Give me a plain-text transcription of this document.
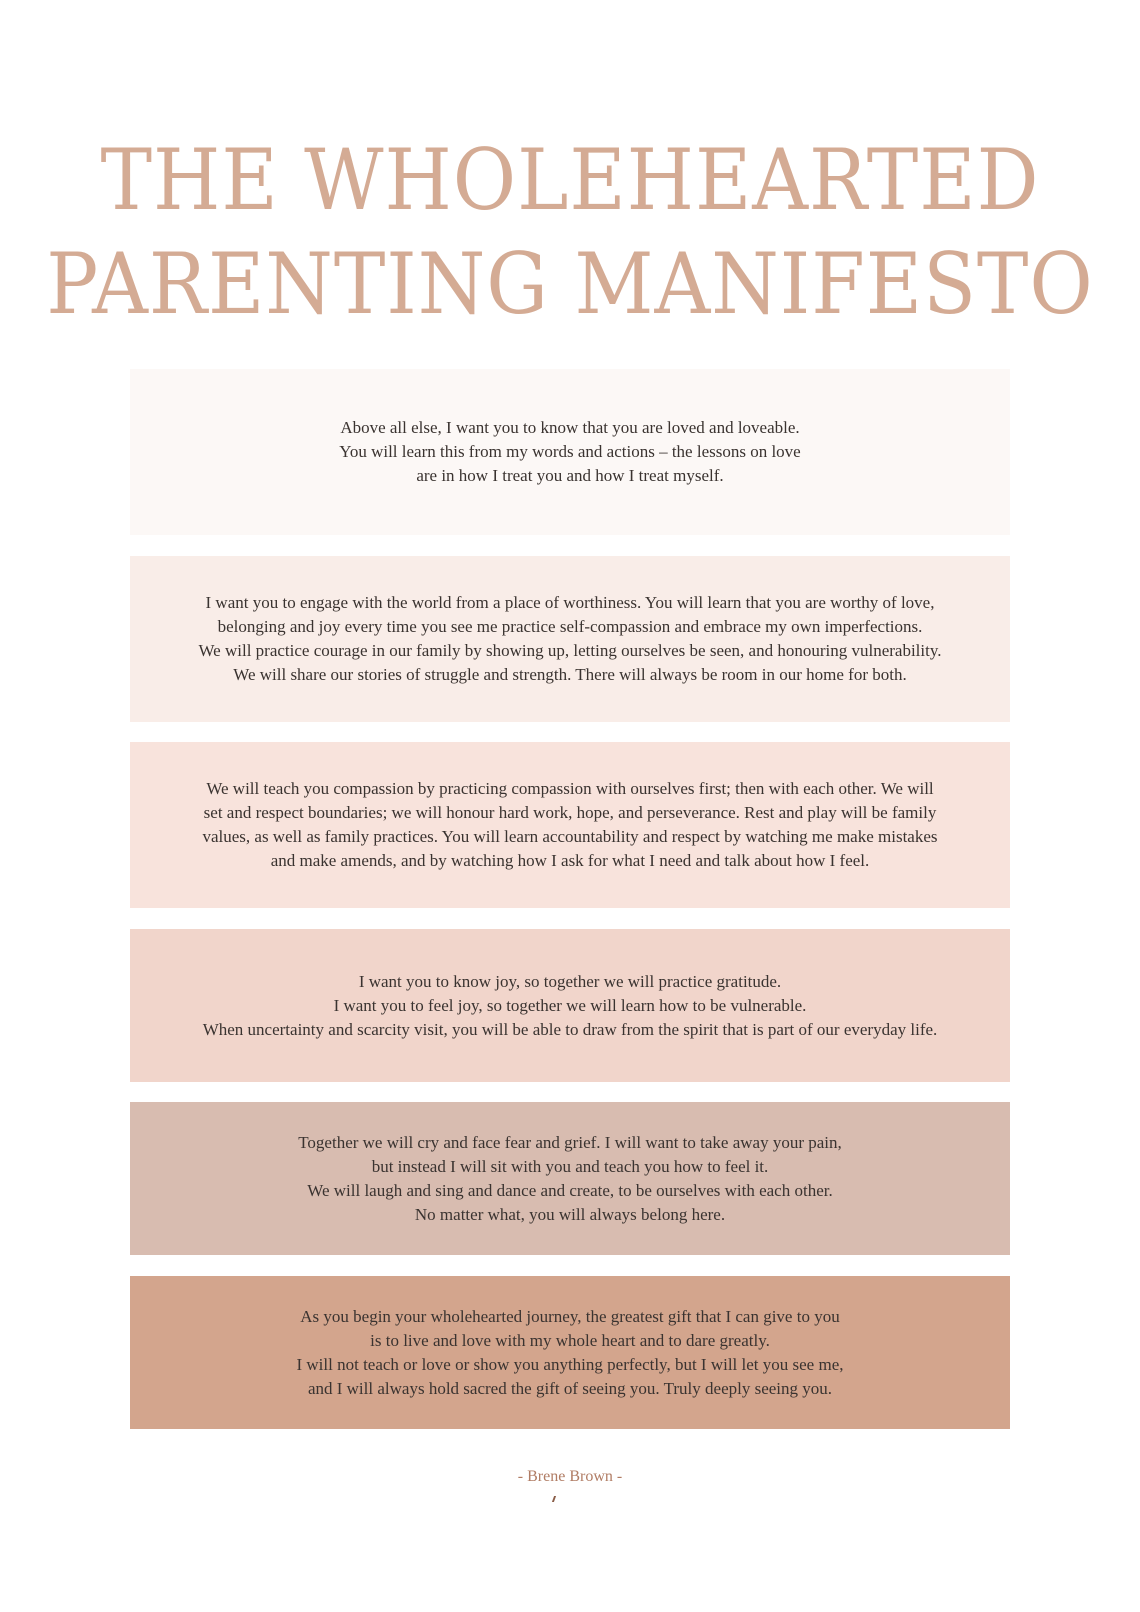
THE WHOLEHEARTED
PARENTING MANIFESTO

Above all else, I want you to know that you are loved and loveable.
You will learn this from my words and actions – the lessons on love
are in how I treat you and how I treat myself.

I want you to engage with the world from a place of worthiness. You will learn that you are worthy of love,
belonging and joy every time you see me practice self-compassion and embrace my own imperfections.
We will practice courage in our family by showing up, letting ourselves be seen, and honouring vulnerability.
We will share our stories of struggle and strength. There will always be room in our home for both.

We will teach you compassion by practicing compassion with ourselves first; then with each other. We will
set and respect boundaries; we will honour hard work, hope, and perseverance. Rest and play will be family
values, as well as family practices. You will learn accountability and respect by watching me make mistakes
and make amends, and by watching how I ask for what I need and talk about how I feel.

I want you to know joy, so together we will practice gratitude.
I want you to feel joy, so together we will learn how to be vulnerable.
When uncertainty and scarcity visit, you will be able to draw from the spirit that is part of our everyday life.

Together we will cry and face fear and grief. I will want to take away your pain,
but instead I will sit with you and teach you how to feel it.
We will laugh and sing and dance and create, to be ourselves with each other.
No matter what, you will always belong here.

As you begin your wholehearted journey, the greatest gift that I can give to you
is to live and love with my whole heart and to dare greatly.
I will not teach or love or show you anything perfectly, but I will let you see me,
and I will always hold sacred the gift of seeing you. Truly deeply seeing you.

- Brene Brown -
